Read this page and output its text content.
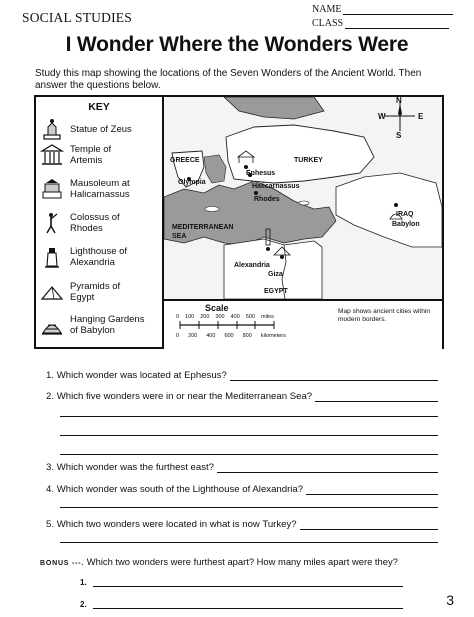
SOCIAL STUDIES
NAME
CLASS
I Wonder Where the Wonders Were
Study this map showing the locations of the Seven Wonders of the Ancient World. Then answer the questions below.
N
S
E
W
GREECE	TURKEY
Olympia
Ephesus
Halicarnassus
Rhodes
MEDITERRANEAN SEA
Alexandria
Giza
EGYPT
IRAQ
Babylon
Scale
0 100 200 300 400 500 miles
0 200 400 600 800 kilometers
Map shows ancient cities within modern borders.
KEY
Statue of Zeus
Temple of Artemis
Mausoleum at Halicarnassus
Colossus of Rhodes
Lighthouse of Alexandria
Pyramids of Egypt
Hanging Gardens of Babylon
1.
Which wonder was located at Ephesus?
2.
Which five wonders were in or near the Mediterranean Sea?
3.
Which wonder was the furthest east?
4.
Which wonder was south of the Lighthouse of Alexandria?
5.
Which two wonders were located in what is now Turkey?
BONUS ---. Which two wonders were furthest apart? How many miles apart were they?
1.
2.	3
